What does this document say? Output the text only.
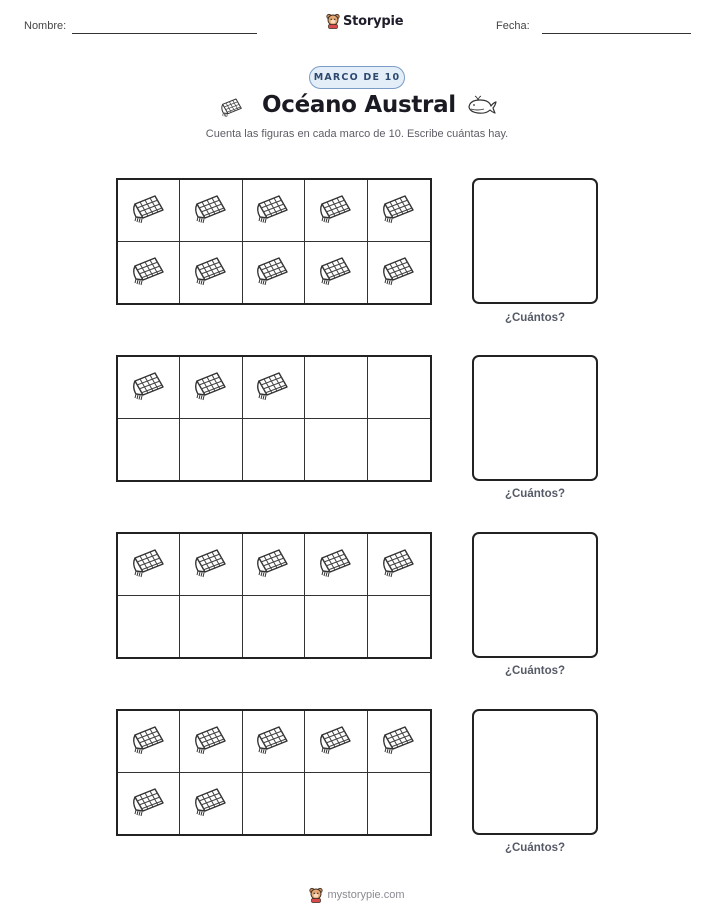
Nombre:	Storypie	Fecha:
MARCO DE 10
Océano Austral
Cuenta las figuras en cada marco de 10. Escribe cuántas hay.
¿Cuántos?
¿Cuántos?
¿Cuántos?
¿Cuántos?
mystorypie.com
